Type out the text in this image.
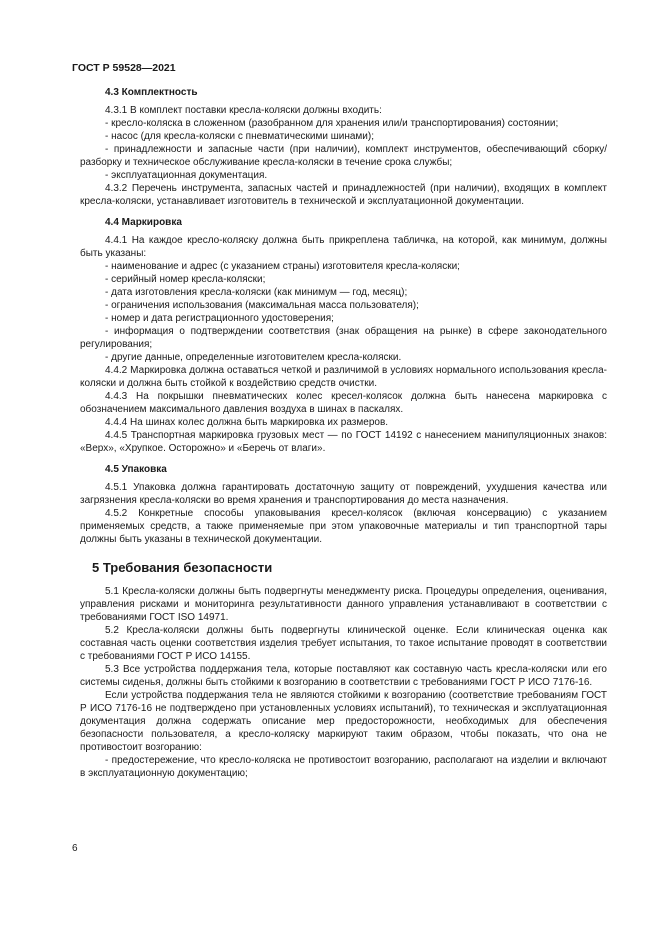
ГОСТ Р 59528—2021
4.3 Комплектность

4.3.1 В комплект поставки кресла-коляски должны входить:

- кресло-коляска в сложенном (разобранном для хранения или/и транспортирования) состоянии;

- насос (для кресла-коляски с пневматическими шинами);

- принадлежности и запасные части (при наличии), комплект инструментов, обеспечивающий сборку/разборку и техническое обслуживание кресла-коляски в течение срока службы;

- эксплуатационная документация.

4.3.2 Перечень инструмента, запасных частей и принадлежностей (при наличии), входящих в комплект кресла-коляски, устанавливает изготовитель в технической и эксплуатационной документации.

4.4 Маркировка

4.4.1 На каждое кресло-коляску должна быть прикреплена табличка, на которой, как минимум, должны быть указаны:

- наименование и адрес (с указанием страны) изготовителя кресла-коляски;

- серийный номер кресла-коляски;

- дата изготовления кресла-коляски (как минимум — год, месяц);

- ограничения использования (максимальная масса пользователя);

- номер и дата регистрационного удостоверения;

- информация о подтверждении соответствия (знак обращения на рынке) в сфере законодательного регулирования;

- другие данные, определенные изготовителем кресла-коляски.

4.4.2 Маркировка должна оставаться четкой и различимой в условиях нормального использования кресла-коляски и должна быть стойкой к воздействию средств очистки.

4.4.3 На покрышки пневматических колес кресел-колясок должна быть нанесена маркировка с обозначением максимального давления воздуха в шинах в паскалях.

4.4.4 На шинах колес должна быть маркировка их размеров.

4.4.5 Транспортная маркировка грузовых мест — по ГОСТ 14192 с нанесением манипуляционных знаков: «Верх», «Хрупкое. Осторожно» и «Беречь от влаги».

4.5 Упаковка

4.5.1 Упаковка должна гарантировать достаточную защиту от повреждений, ухудшения качества или загрязнения кресла-коляски во время хранения и транспортирования до места назначения.

4.5.2 Конкретные способы упаковывания кресел-колясок (включая консервацию) с указанием применяемых средств, а также применяемые при этом упаковочные материалы и тип транспортной тары должны быть указаны в технической документации.

5 Требования безопасности

5.1 Кресла-коляски должны быть подвергнуты менеджменту риска. Процедуры определения, оценивания, управления рисками и мониторинга результативности данного управления устанавливают в соответствии с требованиями ГОСТ ISO 14971.

5.2 Кресла-коляски должны быть подвергнуты клинической оценке. Если клиническая оценка как составная часть оценки соответствия изделия требует испытания, то такое испытание проводят в соответствии с требованиями ГОСТ Р ИСО 14155.

5.3 Все устройства поддержания тела, которые поставляют как составную часть кресла-коляски или его системы сиденья, должны быть стойкими к возгоранию в соответствии с требованиями ГОСТ Р ИСО 7176-16.

Если устройства поддержания тела не являются стойкими к возгоранию (соответствие требованиям ГОСТ Р ИСО 7176-16 не подтверждено при установленных условиях испытаний), то техническая и эксплуатационная документация должна содержать описание мер предосторожности, необходимых для обеспечения безопасности пользователя, а кресло-коляску маркируют таким образом, чтобы показать, что она не противостоит возгоранию:

- предостережение, что кресло-коляска не противостоит возгоранию, располагают на изделии и включают в эксплуатационную документацию;

6
